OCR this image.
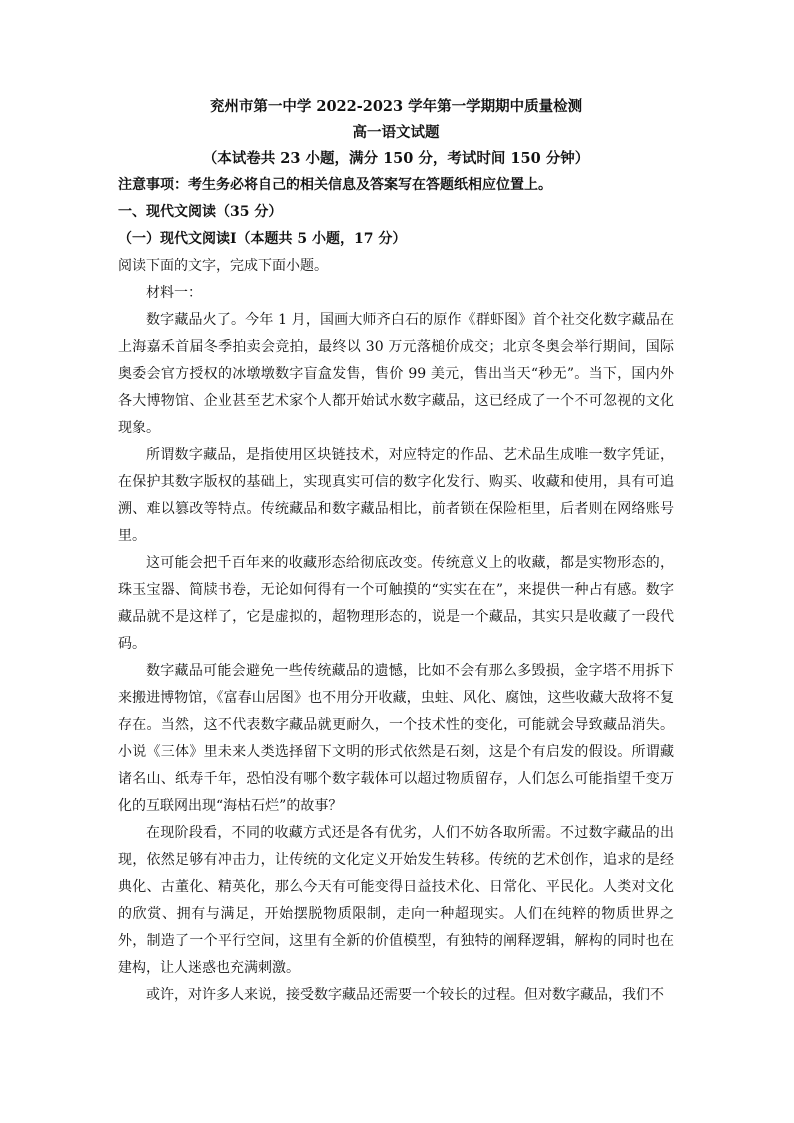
兖州市第一中学 2022-2023 学年第一学期期中质量检测
高一语文试题
（本试卷共 23 小题，满分 150 分，考试时间 150 分钟）
注意事项：考生务必将自己的相关信息及答案写在答题纸相应位置上。
一、现代文阅读（35 分）
（一）现代文阅读Ⅰ（本题共 5 小题，17 分）
阅读下面的文字，完成下面小题。

材料一：

数字藏品火了。今年 1 月，国画大师齐白石的原作《群虾图》首个社交化数字藏品在上海嘉禾首届冬季拍卖会竞拍，最终以 30 万元落槌价成交；北京冬奥会举行期间，国际奥委会官方授权的冰墩墩数字盲盒发售，售价 99 美元，售出当天“秒无”。当下，国内外各大博物馆、企业甚至艺术家个人都开始试水数字藏品，这已经成了一个不可忽视的文化现象。

所谓数字藏品，是指使用区块链技术，对应特定的作品、艺术品生成唯一数字凭证，在保护其数字版权的基础上，实现真实可信的数字化发行、购买、收藏和使用，具有可追溯、难以篡改等特点。传统藏品和数字藏品相比，前者锁在保险柜里，后者则在网络账号里。

这可能会把千百年来的收藏形态给彻底改变。传统意义上的收藏，都是实物形态的，珠玉宝器、简牍书卷，无论如何得有一个可触摸的“实实在在”，来提供一种占有感。数字藏品就不是这样了，它是虚拟的，超物理形态的，说是一个藏品，其实只是收藏了一段代码。

数字藏品可能会避免一些传统藏品的遗憾，比如不会有那么多毁损，金字塔不用拆下来搬进博物馆，《富春山居图》也不用分开收藏，虫蛀、风化、腐蚀，这些收藏大敌将不复存在。当然，这不代表数字藏品就更耐久，一个技术性的变化，可能就会导致藏品消失。小说《三体》里未来人类选择留下文明的形式依然是石刻，这是个有启发的假设。所谓藏诸名山、纸寿千年，恐怕没有哪个数字载体可以超过物质留存，人们怎么可能指望千变万化的互联网出现“海枯石烂”的故事？

在现阶段看，不同的收藏方式还是各有优劣，人们不妨各取所需。不过数字藏品的出现，依然足够有冲击力，让传统的文化定义开始发生转移。传统的艺术创作，追求的是经典化、古董化、精英化，那么今天有可能变得日益技术化、日常化、平民化。人类对文化的欣赏、拥有与满足，开始摆脱物质限制，走向一种超现实。人们在纯粹的物质世界之外，制造了一个平行空间，这里有全新的价值模型，有独特的阐释逻辑，解构的同时也在建构，让人迷惑也充满刺激。

或许，对许多人来说，接受数字藏品还需要一个较长的过程。但对数字藏品，我们不
